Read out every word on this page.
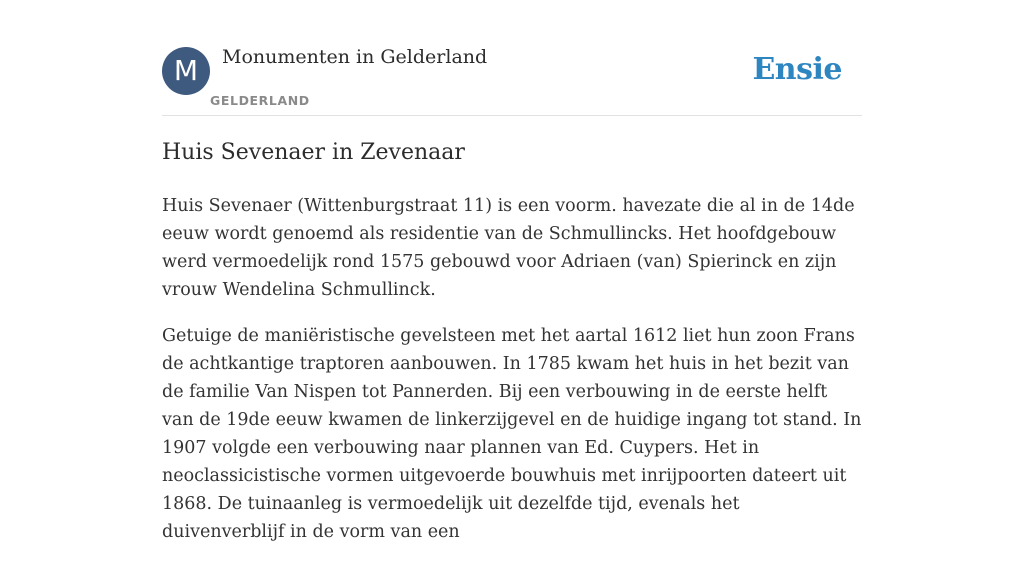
M	Monumenten in Gelderland
GELDERLAND
Ensie
Huis Sevenaer in Zevenaar

Huis Sevenaer (Wittenburgstraat 11) is een voorm. havezate die al in de 14de eeuw wordt genoemd als residentie van de Schmullincks. Het hoofdgebouw werd vermoedelijk rond 1575 gebouwd voor Adriaen (van) Spierinck en zijn vrouw Wendelina Schmullinck.

Getuige de maniëristische gevelsteen met het aartal 1612 liet hun zoon Frans de achtkantige traptoren aanbouwen. In 1785 kwam het huis in het bezit van de familie Van Nispen tot Pannerden. Bij een verbouwing in de eerste helft van de 19de eeuw kwamen de linkerzijgevel en de huidige ingang tot stand. In 1907 volgde een verbouwing naar plannen van Ed. Cuypers. Het in neoclassicistische vormen uitgevoerde bouwhuis met inrijpoorten dateert uit 1868. De tuinaanleg is vermoedelijk uit dezelfde tijd, evenals het duivenverblijf in de vorm van een
